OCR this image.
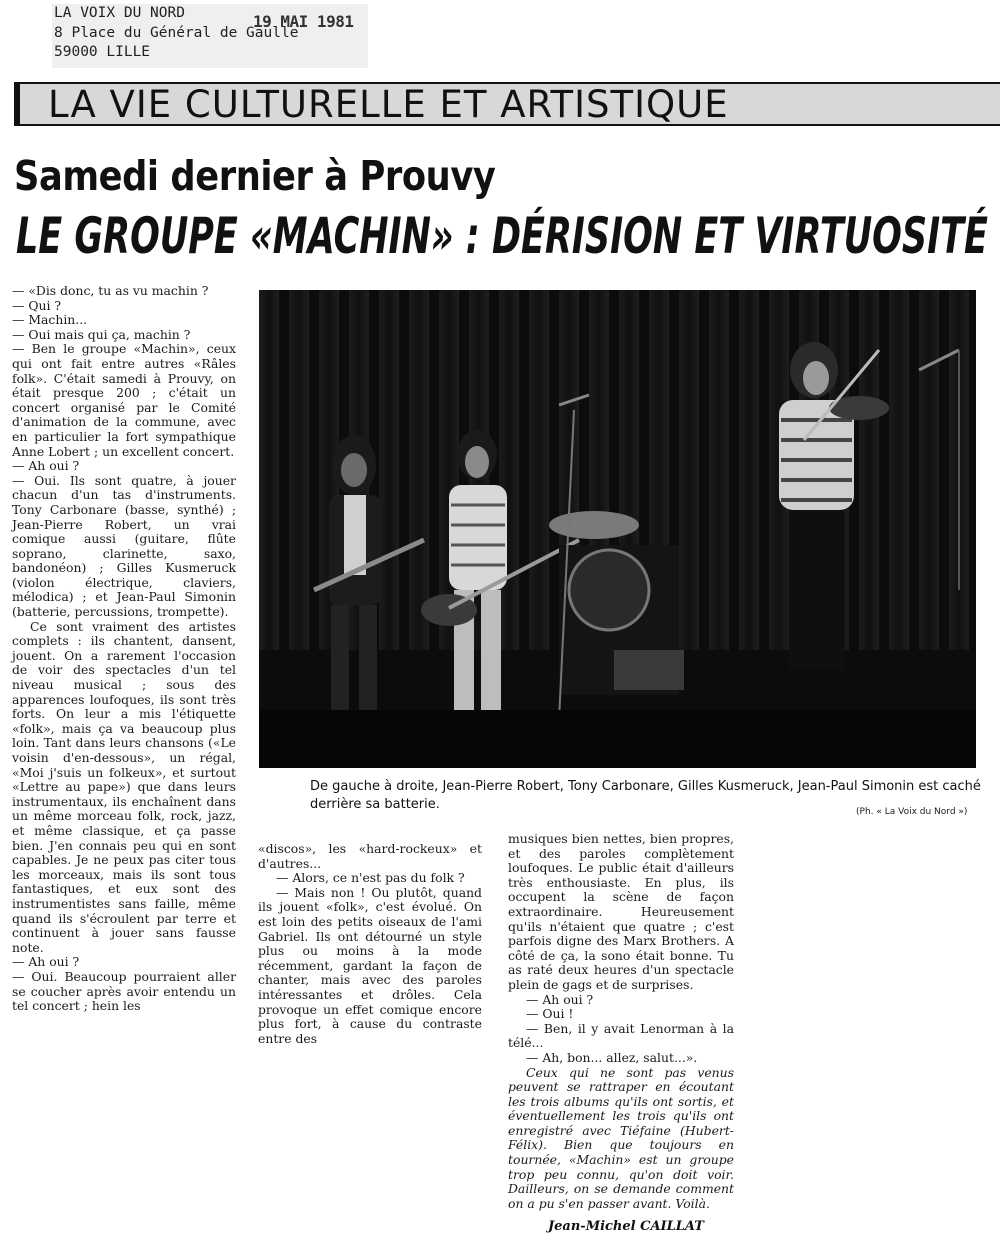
LA VOIX DU NORD
8 Place du Général de Gaulle
59000 LILLE
19 MAI 1981
LA VIE CULTURELLE ET ARTISTIQUE
Samedi dernier à Prouvy
LE GROUPE «MACHIN» : DÉRISION ET VIRTUOSITÉ

— «Dis donc, tu as vu machin ?

— Qui ?

— Machin...

— Oui mais qui ça, machin ?

— Ben le groupe «Machin», ceux qui ont fait entre autres «Râles folk». C'était samedi à Prouvy, on était presque 200 ; c'était un concert organisé par le Comité d'animation de la commune, avec en particulier la fort sympathique Anne Lobert ; un excellent concert.

— Ah oui ?

— Oui. Ils sont quatre, à jouer chacun d'un tas d'instruments. Tony Carbonare (basse, synthé) ; Jean-Pierre Robert, un vrai comique aussi (guitare, flûte soprano, clarinette, saxo, bandonéon) ; Gilles Kusmeruck (violon électrique, claviers, mélodica) ; et Jean-Paul Simonin (batterie, percussions, trompette).

Ce sont vraiment des artistes complets : ils chantent, dansent, jouent. On a rarement l'occasion de voir des spectacles d'un tel niveau musical ; sous des apparences loufoques, ils sont très forts. On leur a mis l'étiquette «folk», mais ça va beaucoup plus loin. Tant dans leurs chansons («Le voisin d'en-dessous», un régal, «Moi j'suis un folkeux», et surtout «Lettre au pape») que dans leurs instrumentaux, ils enchaînent dans un même morceau folk, rock, jazz, et même classique, et ça passe bien. J'en connais peu qui en sont capables. Je ne peux pas citer tous les morceaux, mais ils sont tous fantastiques, et eux sont des instrumentistes sans faille, même quand ils s'écroulent par terre et continuent à jouer sans fausse note.

— Ah oui ?

— Oui. Beaucoup pourraient aller se coucher après avoir entendu un tel concert ; hein les

De gauche à droite, Jean-Pierre Robert, Tony Carbonare, Gilles Kusmeruck, Jean-Paul Simonin est caché derrière sa batterie.	(Ph. « La Voix du Nord »)

«discos», les «hard-rockeux» et d'autres...

— Alors, ce n'est pas du folk ?

— Mais non ! Ou plutôt, quand ils jouent «folk», c'est évolué. On est loin des petits oiseaux de l'ami Gabriel. Ils ont détourné un style plus ou moins à la mode récemment, gardant la façon de chanter, mais avec des paroles intéressantes et drôles. Cela provoque un effet comique encore plus fort, à cause du contraste entre des

musiques bien nettes, bien propres, et des paroles complètement loufoques. Le public était d'ailleurs très enthousiaste. En plus, ils occupent la scène de façon extraordinaire. Heureusement qu'ils n'étaient que quatre ; c'est parfois digne des Marx Brothers. A côté de ça, la sono était bonne. Tu as raté deux heures d'un spectacle plein de gags et de surprises.

— Ah oui ?

— Oui !

— Ben, il y avait Lenorman à la télé...

— Ah, bon... allez, salut...».

Ceux qui ne sont pas venus peuvent se rattraper en écoutant les trois albums qu'ils ont sortis, et éventuellement les trois qu'ils ont enregistré avec Tiéfaine (Hubert-Félix). Bien que toujours en tournée, «Machin» est un groupe trop peu connu, qu'on doit voir. Dailleurs, on se demande comment on a pu s'en passer avant. Voilà.

Jean-Michel CAILLAT
